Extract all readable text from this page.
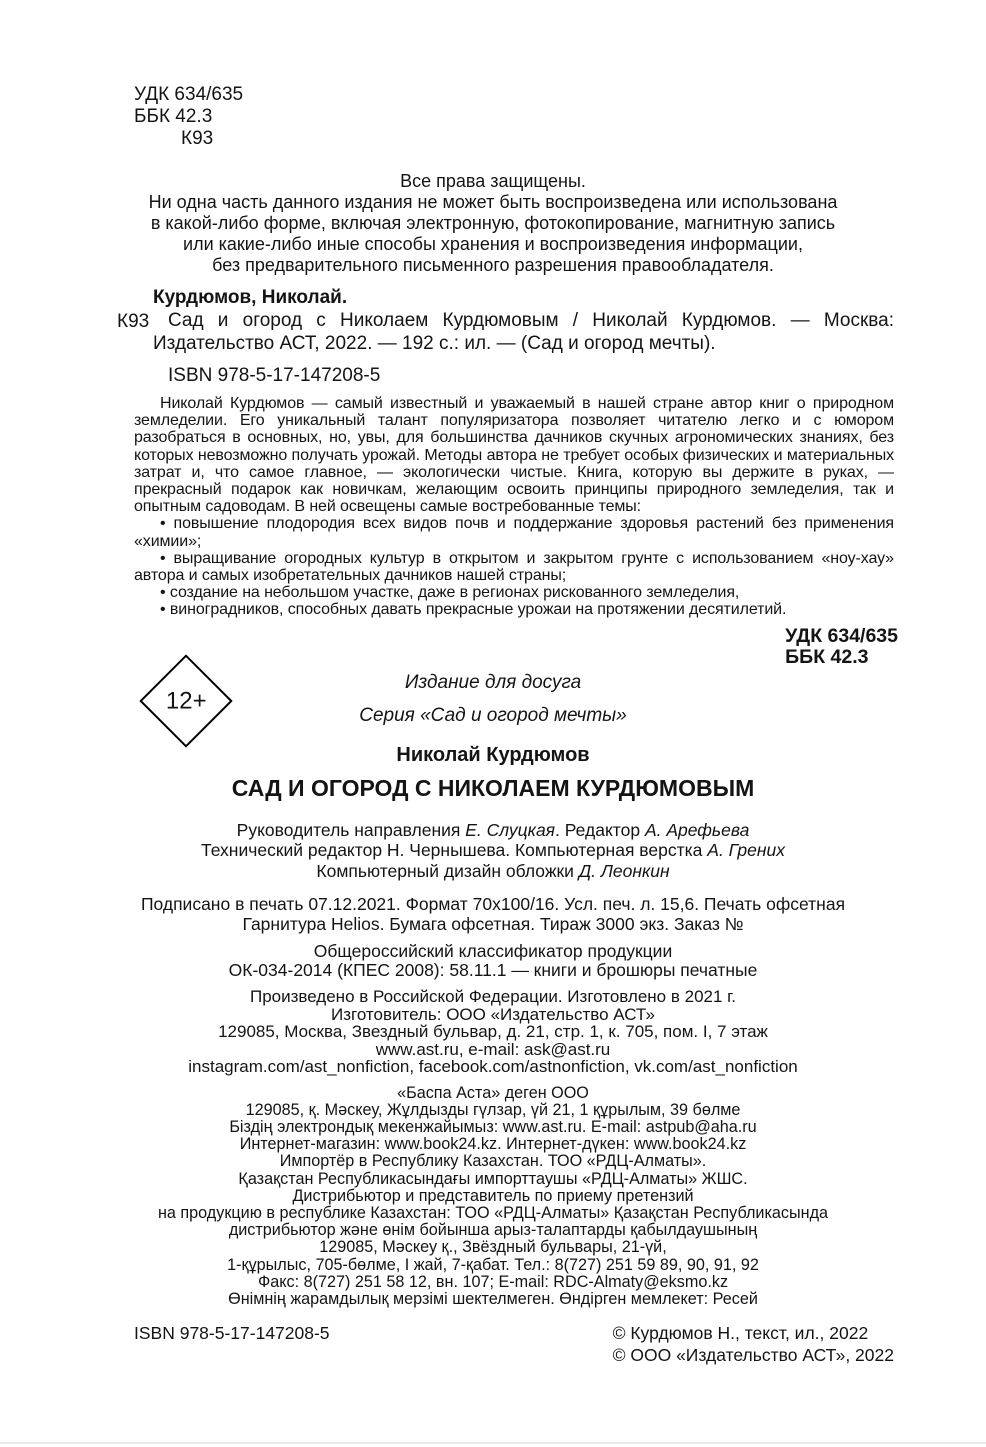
УДК 634/635
ББК 42.3
К93
Все права защищены.
Ни одна часть данного издания не может быть воспроизведена или использована
в какой-либо форме, включая электронную, фотокопирование, магнитную запись
или какие-либо иные способы хранения и воспроизведения информации,
без предварительного письменного разрешения правообладателя.
К93
Курдюмов, Николай.

Сад и огород с Николаем Курдюмовым / Николай Курдюмов. — Москва: Издательство АСТ, 2022. — 192 с.: ил. — (Сад и огород мечты).

ISBN 978-5-17-147208-5

Николай Курдюмов — самый известный и уважаемый в нашей стране автор книг о природном земледелии. Его уникальный талант популяризатора позволяет читателю легко и с юмором разобраться в основных, но, увы, для большинства дачников скучных агрономических знаниях, без которых невозможно получать урожай. Методы автора не требует особых физических и материальных затрат и, что самое главное, — экологически чистые. Книга, которую вы держите в руках, — прекрасный подарок как новичкам, желающим освоить принципы природного земледелия, так и опытным садоводам. В ней освещены самые востребованные темы:

• повышение плодородия всех видов почв и поддержание здоровья растений без применения «химии»;
• выращивание огородных культур в открытом и закрытом грунте с использованием «ноу-хау» автора и самых изобретательных дачников нашей страны;
• создание на небольшом участке, даже в регионах рискованного земледелия,
• виноградников, способных давать прекрасные урожаи на протяжении десятилетий.
УДК 634/635
ББК 42.3
12+
Издание для досуга
Серия «Сад и огород мечты»
Николай Курдюмов
САД И ОГОРОД С НИКОЛАЕМ КУРДЮМОВЫМ
Руководитель направления Е. Слуцкая. Редактор А. Арефьева
Технический редактор Н. Чернышева. Компьютерная верстка А. Грених
Компьютерный дизайн обложки Д. Леонкин
Подписано в печать 07.12.2021. Формат 70х100/16. Усл. печ. л. 15,6. Печать офсетная
Гарнитура Helios. Бумага офсетная. Тираж 3000 экз. Заказ №
Общероссийский классификатор продукции
ОК-034-2014 (КПЕС 2008): 58.11.1 — книги и брошюры печатные
Произведено в Российской Федерации. Изготовлено в 2021 г.
Изготовитель: ООО «Издательство АСТ»
129085, Москва, Звездный бульвар, д. 21, стр. 1, к. 705, пом. I, 7 этаж
www.ast.ru, e-mail: ask@ast.ru
instagram.com/ast_nonfiction, facebook.com/astnonfiction, vk.com/ast_nonfiction
«Баспа Аста» деген ООО
129085, қ. Мәскеу, Жұлдызды гүлзар, үй 21, 1 құрылым, 39 бөлме
Біздің электрондық мекенжайымыз: www.ast.ru. E-mail: astpub@aha.ru
Интернет-магазин: www.book24.kz. Интернет-дүкен: www.book24.kz
Импортёр в Республику Казахстан. ТОО «РДЦ-Алматы».
Қазақстан Республикасындағы импорттаушы «РДЦ-Алматы» ЖШС.
Дистрибьютор и представитель по приему претензий
на продукцию в республике Казахстан: ТОО «РДЦ-Алматы» Қазақстан Республикасында
дистрибьютор және өнім бойынша арыз-талаптарды қабылдаушының
129085, Мәскеу қ., Звёздный бульвары, 21-үй,
1-құрылыс, 705-бөлме, I жай, 7-қабат. Тел.: 8(727) 251 59 89, 90, 91, 92
Факс: 8(727) 251 58 12, вн. 107; E-mail: RDC-Almaty@eksmo.kz
Өнімнің жарамдылық мерзімі шектелмеген. Өндірген мемлекет: Ресей
ISBN 978-5-17-147208-5	© Курдюмов Н., текст, ил., 2022
© ООО «Издательство АСТ», 2022
